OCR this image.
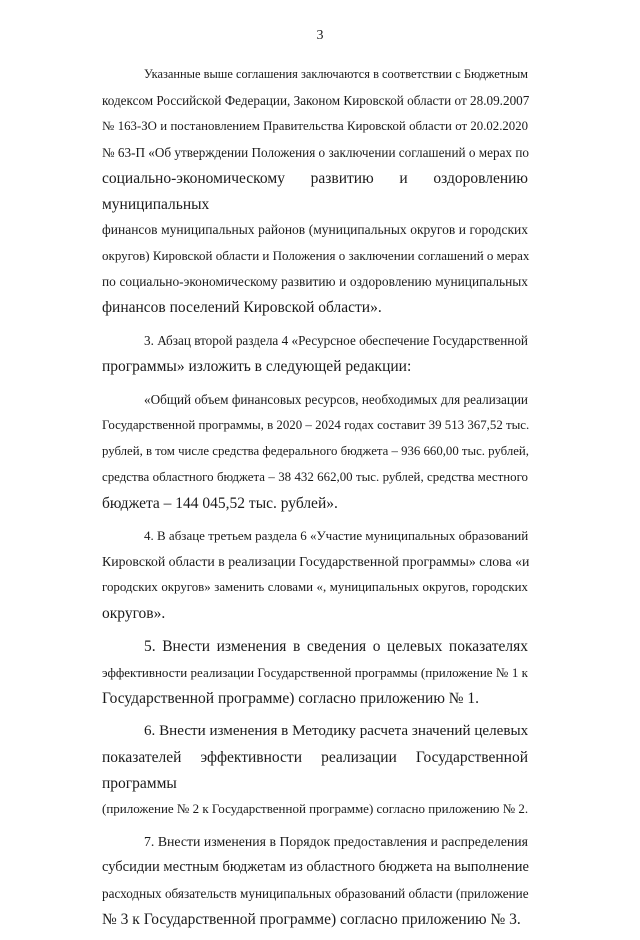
3
Указанные выше соглашения заключаются в соответствии с Бюджетным
кодексом Российской Федерации, Законом Кировской области от 28.09.2007
№ 163-ЗО и постановлением Правительства Кировской области от 20.02.2020
№ 63-П «Об утверждении Положения о заключении соглашений о мерах по
социально-экономическому развитию и оздоровлению муниципальных
финансов муниципальных районов (муниципальных округов и городских
округов) Кировской области и Положения о заключении соглашений о мерах
по социально-экономическому развитию и оздоровлению муниципальных
финансов поселений Кировской области».
3. Абзац второй раздела 4 «Ресурсное обеспечение Государственной
программы» изложить в следующей редакции:
«Общий объем финансовых ресурсов, необходимых для реализации
Государственной программы, в 2020 – 2024 годах составит 39 513 367,52 тыс.
рублей, в том числе средства федерального бюджета – 936 660,00 тыс. рублей,
средства областного бюджета – 38 432 662,00 тыс. рублей, средства местного
бюджета – 144 045,52 тыс. рублей».
4. В абзаце третьем раздела 6 «Участие муниципальных образований
Кировской области в реализации Государственной программы» слова «и
городских округов» заменить словами «, муниципальных округов, городских
округов».
5. Внести изменения в сведения о целевых показателях
эффективности реализации Государственной программы (приложение № 1 к
Государственной программе) согласно приложению № 1.
6. Внести изменения в Методику расчета значений целевых
показателей эффективности реализации Государственной программы
(приложение № 2 к Государственной программе) согласно приложению № 2.
7. Внести изменения в Порядок предоставления и распределения
субсидии местным бюджетам из областного бюджета на выполнение
расходных обязательств муниципальных образований области (приложение
№ 3 к Государственной программе) согласно приложению № 3.
